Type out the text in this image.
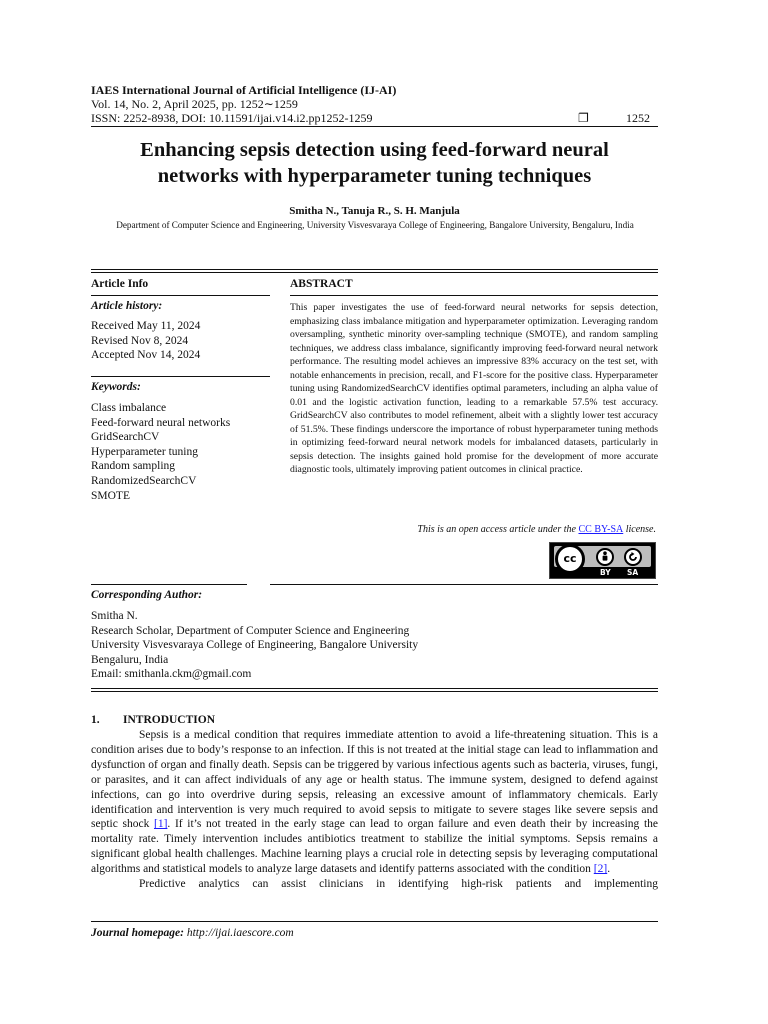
IAES International Journal of Artificial Intelligence (IJ-AI)
Vol. 14, No. 2, April 2025, pp. 1252∼1259
ISSN: 2252-8938, DOI: 10.11591/ijai.v14.i2.pp1252-1259	❐	1252
Enhancing sepsis detection using feed-forward neural
networks with hyperparameter tuning techniques
Smitha N., Tanuja R., S. H. Manjula
Department of Computer Science and Engineering, University Visvesvaraya College of Engineering, Bangalore University, Bengaluru, India
Article Info	ABSTRACT
Article history:
Received May 11, 2024
Revised Nov 8, 2024
Accepted Nov 14, 2024
Keywords:
Class imbalance
Feed-forward neural networks
GridSearchCV
Hyperparameter tuning
Random sampling
RandomizedSearchCV
SMOTE
This paper investigates the use of feed-forward neural networks for sepsis detection, emphasizing class imbalance mitigation and hyperparameter optimization. Leveraging random oversampling, synthetic minority over-sampling technique (SMOTE), and random sampling techniques, we address class imbalance, significantly improving feed-forward neural network performance. The resulting model achieves an impressive 83% accuracy on the test set, with notable enhancements in precision, recall, and F1-score for the positive class. Hyperparameter tuning using RandomizedSearchCV identifies optimal parameters, including an alpha value of 0.01 and the logistic activation function, leading to a remarkable 57.5% test accuracy. GridSearchCV also contributes to model refinement, albeit with a slightly lower test accuracy of 51.5%. These findings underscore the importance of robust hyperparameter tuning methods in optimizing feed-forward neural network models for imbalanced datasets, particularly in sepsis detection. The insights gained hold promise for the development of more accurate diagnostic tools, ultimately improving patient outcomes in clinical practice.
This is an open access article under the CC BY-SA license.
cc
BY SA
Corresponding Author:
Smitha N.
Research Scholar, Department of Computer Science and Engineering
University Visvesvaraya College of Engineering, Bangalore University
Bengaluru, India
Email: smithanla.ckm@gmail.com
1. INTRODUCTION

Sepsis is a medical condition that requires immediate attention to avoid a life-threatening situation. This is a condition arises due to body’s response to an infection. If this is not treated at the initial stage can lead to inflammation and dysfunction of organ and finally death. Sepsis can be triggered by various infectious agents such as bacteria, viruses, fungi, or parasites, and it can affect individuals of any age or health status. The immune system, designed to defend against infections, can go into overdrive during sepsis, releasing an excessive amount of inflammatory chemicals. Early identification and intervention is very much required to avoid sepsis to mitigate to severe stages like severe sepsis and septic shock [1]. If it’s not treated in the early stage can lead to organ failure and even death their by increasing the mortality rate. Timely intervention includes antibiotics treatment to stabilize the initial symptoms. Sepsis remains a significant global health challenges. Machine learning plays a crucial role in detecting sepsis by leveraging computational algorithms and statistical models to analyze large datasets and identify patterns associated with the condition [2].

Predictive analytics can assist clinicians in identifying high-risk patients and implementing

Journal homepage: http://ijai.iaescore.com
